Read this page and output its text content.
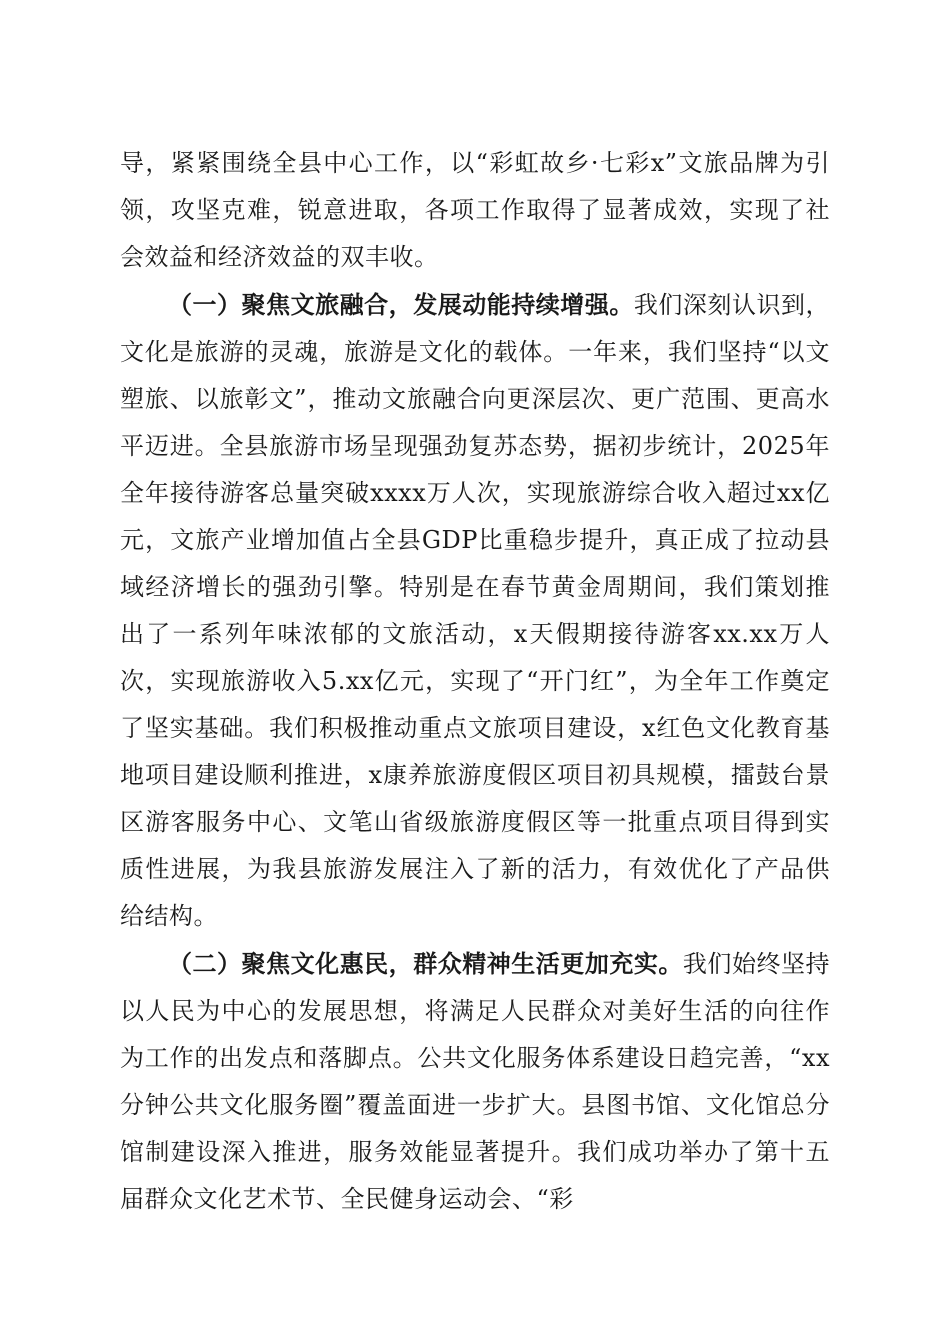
导，紧紧围绕全县中心工作，以“彩虹故乡·七彩x”文旅品牌为引领，攻坚克难，锐意进取，各项工作取得了显著成效，实现了社会效益和经济效益的双丰收。

（一）聚焦文旅融合，发展动能持续增强。我们深刻认识到，文化是旅游的灵魂，旅游是文化的载体。一年来，我们坚持“以文塑旅、以旅彰文”，推动文旅融合向更深层次、更广范围、更高水平迈进。全县旅游市场呈现强劲复苏态势，据初步统计，2025年全年接待游客总量突破xxxx万人次，实现旅游综合收入超过xx亿元，文旅产业增加值占全县GDP比重稳步提升，真正成了拉动县域经济增长的强劲引擎。特别是在春节黄金周期间，我们策划推出了一系列年味浓郁的文旅活动，x天假期接待游客xx.xx万人次，实现旅游收入5.xx亿元，实现了“开门红”，为全年工作奠定了坚实基础。我们积极推动重点文旅项目建设，x红色文化教育基地项目建设顺利推进，x康养旅游度假区项目初具规模，擂鼓台景区游客服务中心、文笔山省级旅游度假区等一批重点项目得到实质性进展，为我县旅游发展注入了新的活力，有效优化了产品供给结构。

（二）聚焦文化惠民，群众精神生活更加充实。我们始终坚持以人民为中心的发展思想，将满足人民群众对美好生活的向往作为工作的出发点和落脚点。公共文化服务体系建设日趋完善，“xx分钟公共文化服务圈”覆盖面进一步扩大。县图书馆、文化馆总分馆制建设深入推进，服务效能显著提升。我们成功举办了第十五届群众文化艺术节、全民健身运动会、“彩
